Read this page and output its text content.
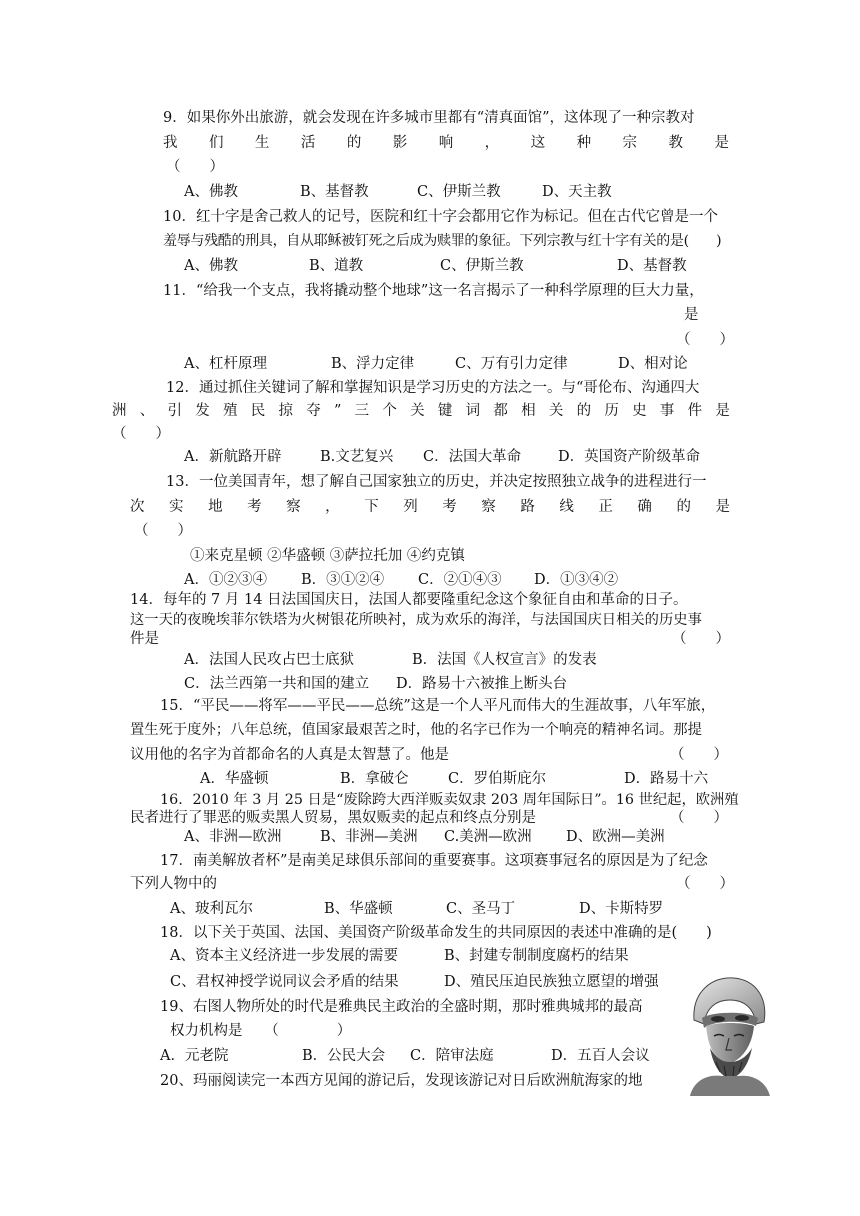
9．如果你外出旅游，就会发现在许多城市里都有“清真面馆”，这体现了一种宗教对
我 们 生 活 的 影 响 ， 这 种 宗 教 是
（　　）
A、佛教	B、基督教	C、伊斯兰教	D、天主教
10．红十字是舍己救人的记号，医院和红十字会都用它作为标记。但在古代它曾是一个
羞辱与残酷的刑具，自从耶稣被钉死之后成为赎罪的象征。下列宗教与红十字有关的是(　　)
A、佛教	B、道教	C、伊斯兰教	D、基督教
11．“给我一个支点，我将撬动整个地球”这一名言揭示了一种科学原理的巨大力量，
是
（　　）
A、杠杆原理	B、浮力定律	C、万有引力定律	D、相对论
12．通过抓住关键词了解和掌握知识是学习历史的方法之一。与“哥伦布、沟通四大
洲 、 引 发 殖 民 掠 夺 ” 三 个 关 键 词 都 相 关 的 历 史 事 件 是
（　　）
A．新航路开辟	B.文艺复兴 C．法国大革命	D．英国资产阶级革命
13．一位美国青年，想了解自己国家独立的历史，并决定按照独立战争的进程进行一
次 实 地 考 察 ， 下 列 考 察 路 线 正 确 的 是
（　　）
①来克星顿 ②华盛顿 ③萨拉托加 ④约克镇
A．①②③④ B．③①②④ C．②①④③ D．①③④②
14．每年的 7 月 14 日法国国庆日，法国人都要隆重纪念这个象征自由和革命的日子。
这一天的夜晚埃菲尔铁塔为火树银花所映衬，成为欢乐的海洋，与法国国庆日相关的历史事
件是	（　　）
A．法国人民攻占巴士底狱	B．法国《人权宣言》的发表
C．法兰西第一共和国的建立 D．路易十六被推上断头台
15．“平民——将军——平民——总统”这是一个人平凡而伟大的生涯故事，八年军旅，
置生死于度外；八年总统，值国家最艰苦之时，他的名字已作为一个响亮的精神名词。那提
议用他的名字为首都命名的人真是太智慧了。他是	（　　）
A．华盛顿	B．拿破仑	C．罗伯斯庇尔	D．路易十六
16．2010 年 3 月 25 日是“废除跨大西洋贩卖奴隶 203 周年国际日”。16 世纪起，欧洲殖
民者进行了罪恶的贩卖黑人贸易，黑奴贩卖的起点和终点分别是	（　　）
A、非洲—欧洲	B、非洲—美洲 C.美洲—欧洲 D、欧洲—美洲
17．南美解放者杯”是南美足球俱乐部间的重要赛事。这项赛事冠名的原因是为了纪念
下列人物中的	（　　）
A、玻利瓦尔	B、华盛顿	C、圣马丁	D、卡斯特罗
18．以下关于英国、法国、美国资产阶级革命发生的共同原因的表述中准确的是(　　)
A、资本主义经济进一步发展的需要	B、封建专制制度腐朽的结果
C、君权神授学说同议会矛盾的结果	D、殖民压迫民族独立愿望的增强
19、右图人物所处的时代是雅典民主政治的全盛时期，那时雅典城邦的最高
权力机构是　　（　　　　）
A．元老院	B．公民大会 C．陪审法庭	D．五百人会议
20、玛丽阅读完一本西方见闻的游记后，发现该游记对日后欧洲航海家的地
